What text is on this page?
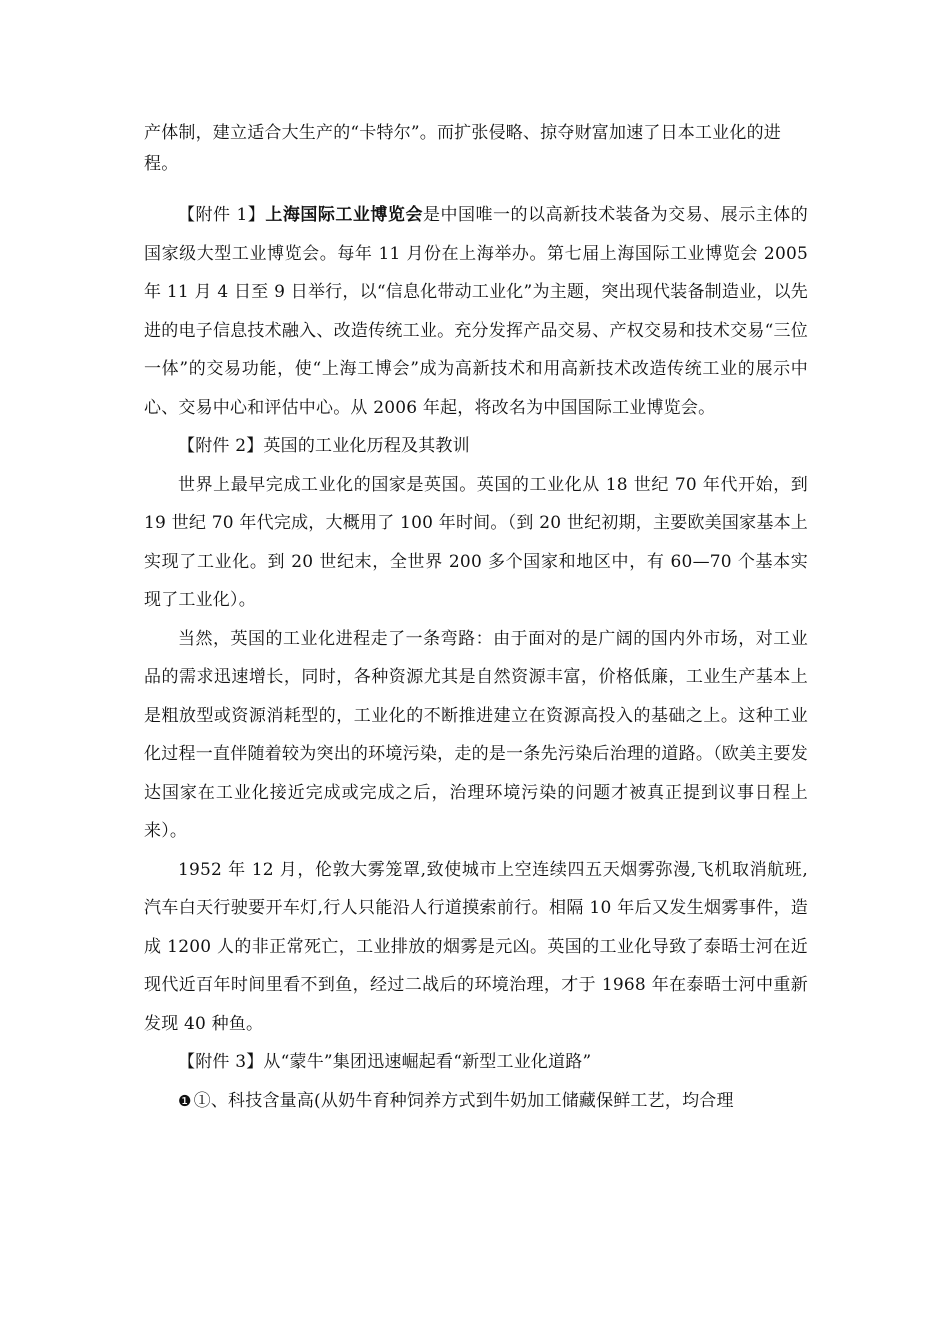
产体制，建立适合大生产的“卡特尔”。而扩张侵略、掠夺财富加速了日本工业化的进程。

【附件 1】上海国际工业博览会是中国唯一的以高新技术装备为交易、展示主体的国家级大型工业博览会。每年 11 月份在上海举办。第七届上海国际工业博览会 2005 年 11 月 4 日至 9 日举行，以“信息化带动工业化”为主题，突出现代装备制造业，以先进的电子信息技术融入、改造传统工业。充分发挥产品交易、产权交易和技术交易“三位一体”的交易功能，使“上海工博会”成为高新技术和用高新技术改造传统工业的展示中心、交易中心和评估中心。从 2006 年起，将改名为中国国际工业博览会。

【附件 2】英国的工业化历程及其教训

世界上最早完成工业化的国家是英国。英国的工业化从 18 世纪 70 年代开始，到 19 世纪 70 年代完成，大概用了 100 年时间。（到 20 世纪初期，主要欧美国家基本上实现了工业化。到 20 世纪末，全世界 200 多个国家和地区中，有 60—70 个基本实现了工业化）。

当然，英国的工业化进程走了一条弯路：由于面对的是广阔的国内外市场，对工业品的需求迅速增长，同时，各种资源尤其是自然资源丰富，价格低廉，工业生产基本上是粗放型或资源消耗型的，工业化的不断推进建立在资源高投入的基础之上。这种工业化过程一直伴随着较为突出的环境污染，走的是一条先污染后治理的道路。（欧美主要发达国家在工业化接近完成或完成之后，治理环境污染的问题才被真正提到议事日程上来）。

1952 年 12 月，伦敦大雾笼罩,致使城市上空连续四五天烟雾弥漫,飞机取消航班,汽车白天行驶要开车灯,行人只能沿人行道摸索前行。相隔 10 年后又发生烟雾事件，造成 1200 人的非正常死亡，工业排放的烟雾是元凶。英国的工业化导致了泰晤士河在近现代近百年时间里看不到鱼，经过二战后的环境治理，才于 1968 年在泰晤士河中重新发现 40 种鱼。

【附件 3】从“蒙牛”集团迅速崛起看“新型工业化道路”

❶ ①、科技含量高(从奶牛育种饲养方式到牛奶加工储藏保鲜工艺，均合理
